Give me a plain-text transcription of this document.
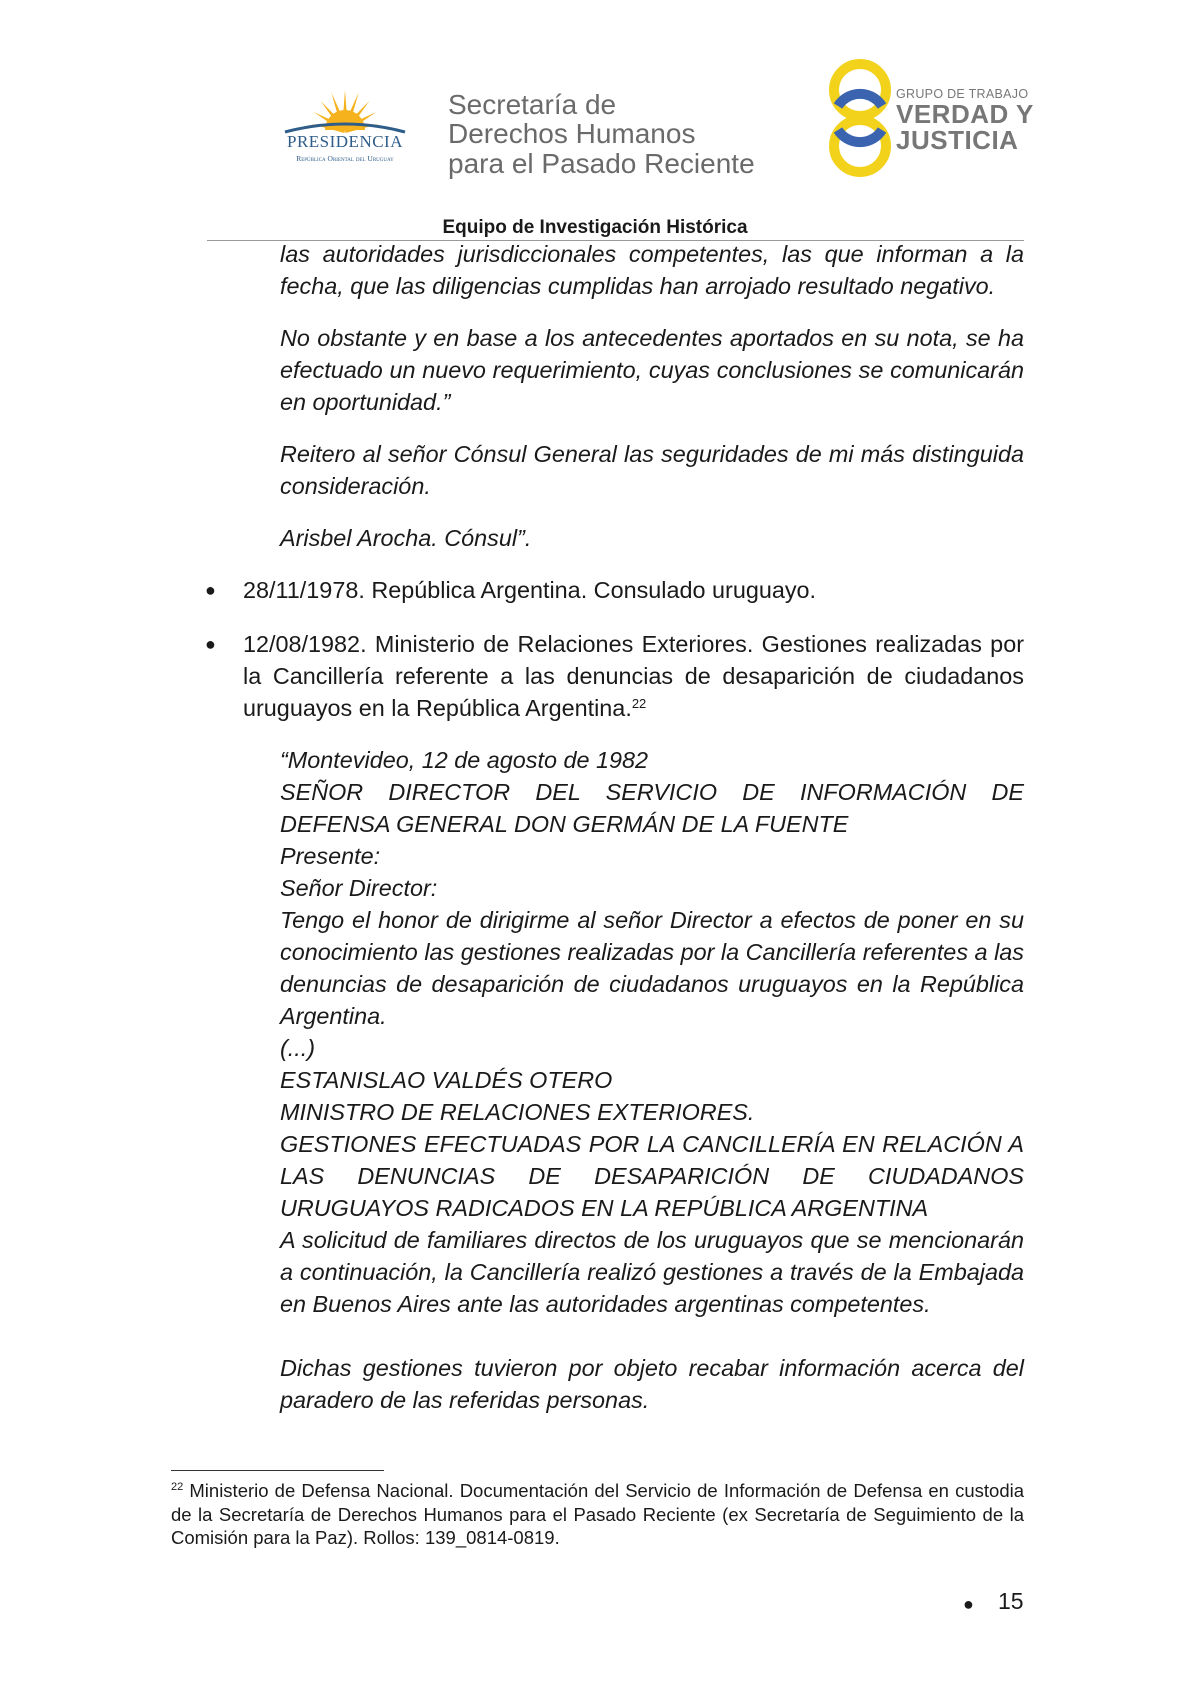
PRESIDENCIA
República Oriental del Uruguay
Secretaría de
Derechos Humanos
para el Pasado Reciente
GRUPO DE TRABAJO
VERDAD Y
JUSTICIA
Equipo de Investigación Histórica

las autoridades jurisdiccionales competentes, las que informan a la fecha, que las diligencias cumplidas han arrojado resultado negativo.

No obstante y en base a los antecedentes aportados en su nota, se ha efectuado un nuevo requerimiento, cuyas conclusiones se comunicarán en oportunidad.”

Reitero al señor Cónsul General las seguridades de mi más distinguida consideración.

Arisbel Arocha. Cónsul”.

● 28/11/1978. República Argentina. Consulado uruguayo.

● 12/08/1982. Ministerio de Relaciones Exteriores. Gestiones realizadas por la Cancillería referente a las denuncias de desaparición de ciudadanos uruguayos en la República Argentina.$^{22}$

“Montevideo, 12 de agosto de 1982

SEÑOR DIRECTOR DEL SERVICIO DE INFORMACIÓN DE DEFENSA GENERAL DON GERMÁN DE LA FUENTE

Presente:

Señor Director:

Tengo el honor de dirigirme al señor Director a efectos de poner en su conocimiento las gestiones realizadas por la Cancillería referentes a las denuncias de desaparición de ciudadanos uruguayos en la República Argentina.

(...)

ESTANISLAO VALDÉS OTERO

MINISTRO DE RELACIONES EXTERIORES.

GESTIONES EFECTUADAS POR LA CANCILLERÍA EN RELACIÓN A LAS DENUNCIAS DE DESAPARICIÓN DE CIUDADANOS URUGUAYOS RADICADOS EN LA REPÚBLICA ARGENTINA

A solicitud de familiares directos de los uruguayos que se mencionarán a continuación, la Cancillería realizó gestiones a través de la Embajada en Buenos Aires ante las autoridades argentinas competentes.

Dichas gestiones tuvieron por objeto recabar información acerca del paradero de las referidas personas.

$^{22}$ Ministerio de Defensa Nacional. Documentación del Servicio de Información de Defensa en custodia de la Secretaría de Derechos Humanos para el Pasado Reciente (ex Secretaría de Seguimiento de la Comisión para la Paz). Rollos: 139_0814-0819.
● 15
